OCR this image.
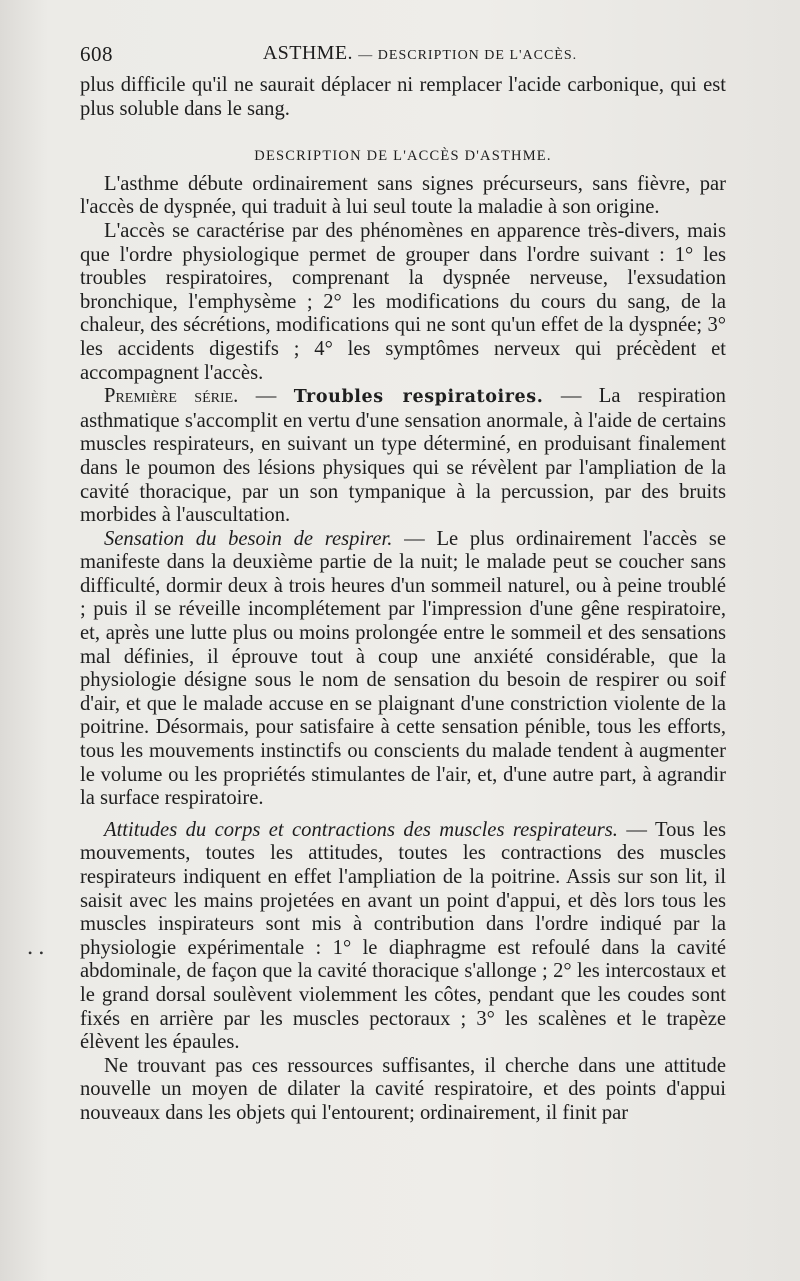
608	ASTHME. — DESCRIPTION DE L'ACCÈS.
• •

plus difficile qu'il ne saurait déplacer ni remplacer l'acide carbonique, qui est plus soluble dans le sang.

DESCRIPTION DE L'ACCÈS D'ASTHME.

L'asthme débute ordinairement sans signes précurseurs, sans fièvre, par l'accès de dyspnée, qui traduit à lui seul toute la maladie à son origine.

L'accès se caractérise par des phénomènes en apparence très-divers, mais que l'ordre physiologique permet de grouper dans l'ordre suivant : 1° les troubles respiratoires, comprenant la dyspnée nerveuse, l'exsudation bronchique, l'emphysème ; 2° les modifications du cours du sang, de la chaleur, des sécrétions, modifications qui ne sont qu'un effet de la dyspnée; 3° les accidents digestifs ; 4° les symptômes nerveux qui précèdent et accompagnent l'accès.

Première série. — Troubles respiratoires. — La respiration asthmatique s'accomplit en vertu d'une sensation anormale, à l'aide de certains muscles respirateurs, en suivant un type déterminé, en produisant finalement dans le poumon des lésions physiques qui se révèlent par l'ampliation de la cavité thoracique, par un son tympanique à la percussion, par des bruits morbides à l'auscultation.

Sensation du besoin de respirer. — Le plus ordinairement l'accès se manifeste dans la deuxième partie de la nuit; le malade peut se coucher sans difficulté, dormir deux à trois heures d'un sommeil naturel, ou à peine troublé ; puis il se réveille incomplétement par l'impression d'une gêne respiratoire, et, après une lutte plus ou moins prolongée entre le sommeil et des sensations mal définies, il éprouve tout à coup une anxiété considérable, que la physiologie désigne sous le nom de sensation du besoin de respirer ou soif d'air, et que le malade accuse en se plaignant d'une constriction violente de la poitrine. Désormais, pour satisfaire à cette sensation pénible, tous les efforts, tous les mouvements instinctifs ou conscients du malade tendent à augmenter le volume ou les propriétés stimulantes de l'air, et, d'une autre part, à agrandir la surface respiratoire.

Attitudes du corps et contractions des muscles respirateurs. — Tous les mouvements, toutes les attitudes, toutes les contractions des muscles respirateurs indiquent en effet l'ampliation de la poitrine. Assis sur son lit, il saisit avec les mains projetées en avant un point d'appui, et dès lors tous les muscles inspirateurs sont mis à contribution dans l'ordre indiqué par la physiologie expérimentale : 1° le diaphragme est refoulé dans la cavité abdominale, de façon que la cavité thoracique s'allonge ; 2° les intercostaux et le grand dorsal soulèvent violemment les côtes, pendant que les coudes sont fixés en arrière par les muscles pectoraux ; 3° les scalènes et le trapèze élèvent les épaules.

Ne trouvant pas ces ressources suffisantes, il cherche dans une attitude nouvelle un moyen de dilater la cavité respiratoire, et des points d'appui nouveaux dans les objets qui l'entourent; ordinairement, il finit par
